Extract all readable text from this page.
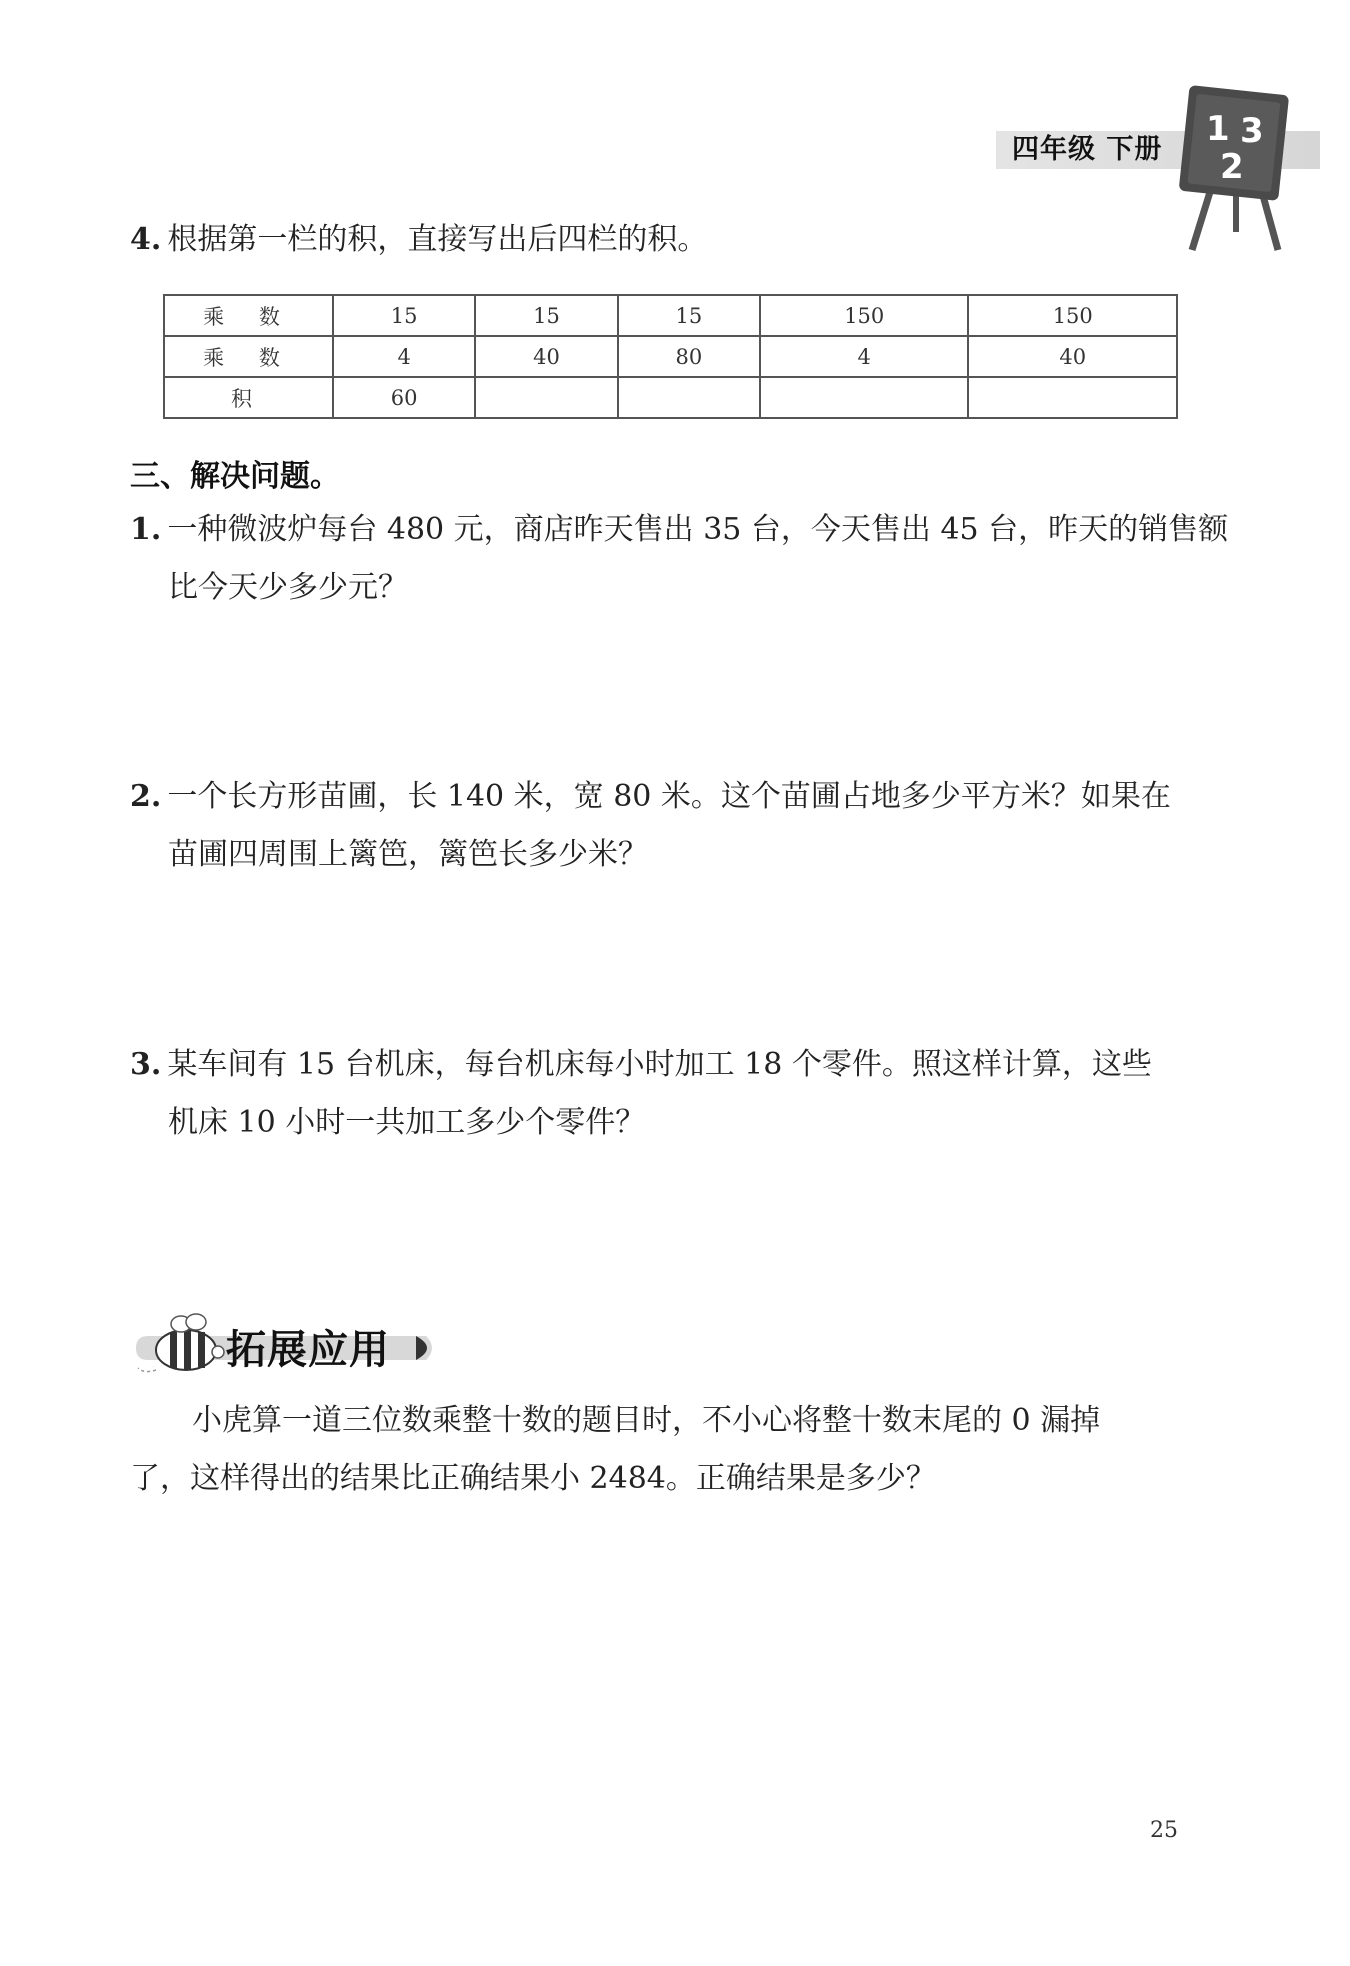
四年级 下册
1 3
2
4. 根据第一栏的积，直接写出后四栏的积。
乘 数	15	15	15	150	150
乘 数	4	40	80	4	40
积	60				
三、解决问题。
1. 一种微波炉每台 480 元，商店昨天售出 35 台，今天售出 45 台，昨天的销售额
比今天少多少元？
2. 一个长方形苗圃，长 140 米，宽 80 米。这个苗圃占地多少平方米？如果在
苗圃四周围上篱笆，篱笆长多少米？
3. 某车间有 15 台机床，每台机床每小时加工 18 个零件。照这样计算，这些
机床 10 小时一共加工多少个零件？
拓展应用
小虎算一道三位数乘整十数的题目时，不小心将整十数末尾的 0 漏掉
了，这样得出的结果比正确结果小 2484。正确结果是多少？
25
